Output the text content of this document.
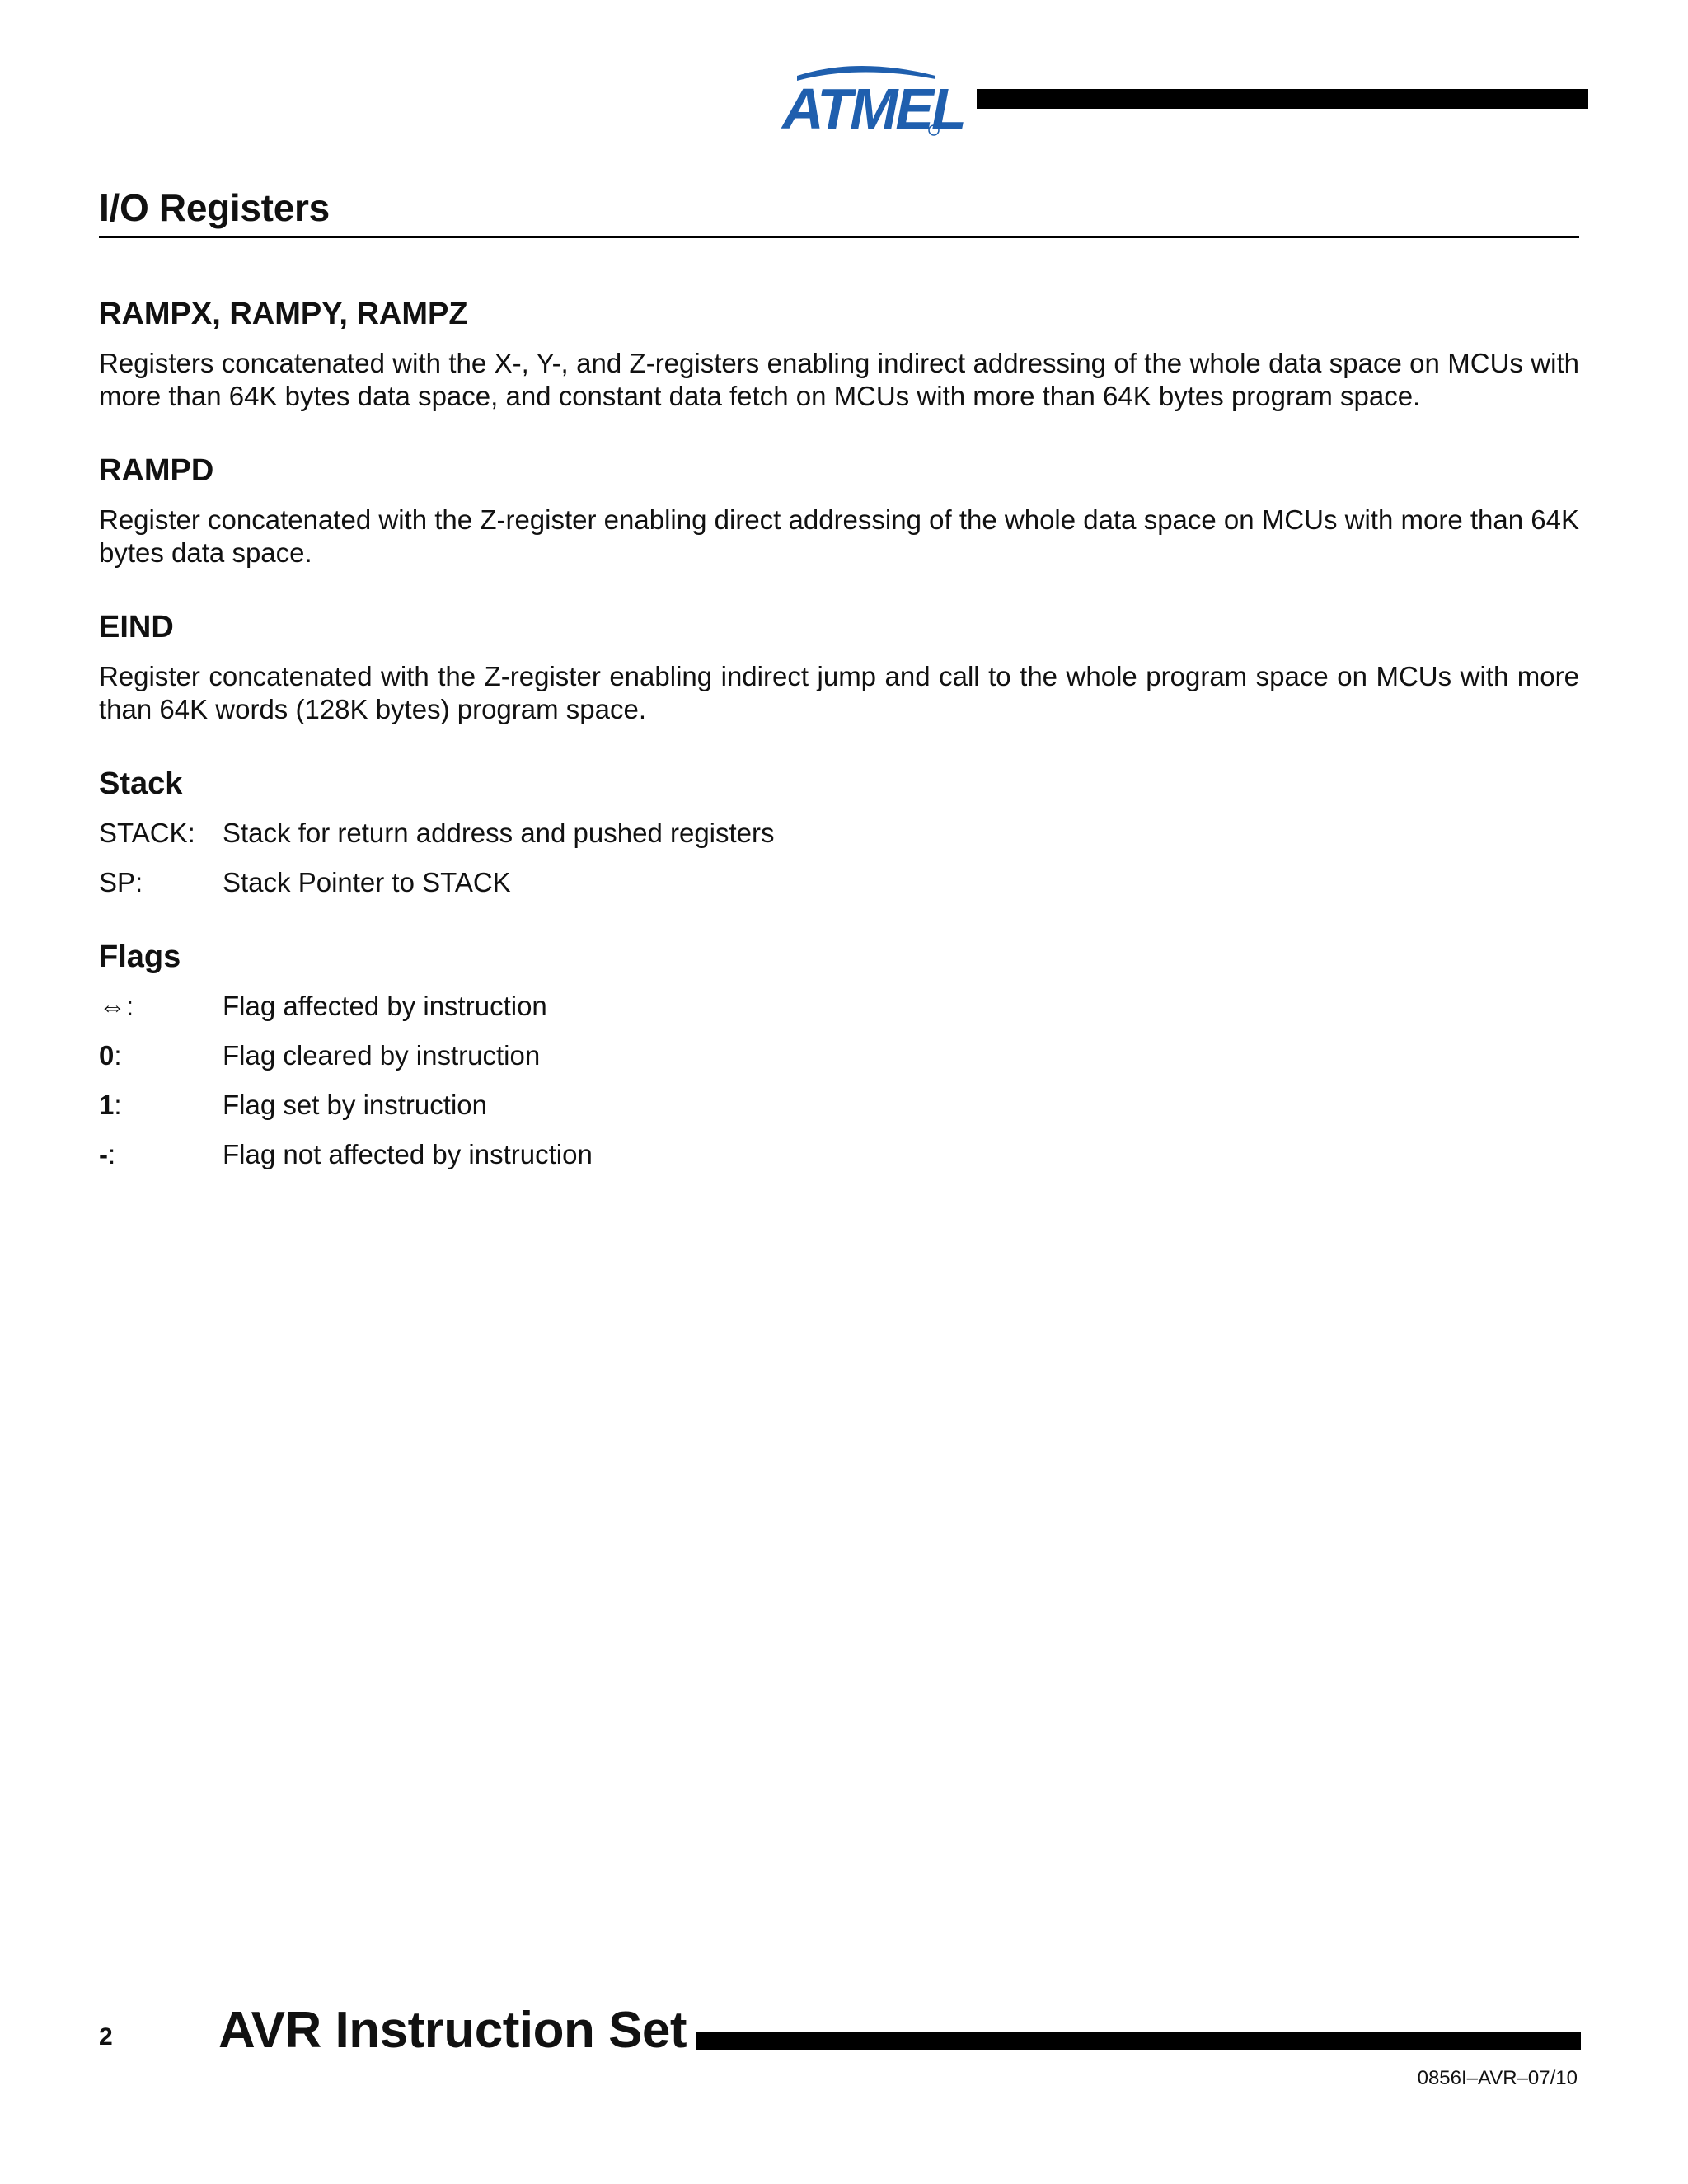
ATMEL
I/O Registers
RAMPX, RAMPY, RAMPZ

Registers concatenated with the X-, Y-, and Z-registers enabling indirect addressing of the whole data space on MCUs with more than 64K bytes data space, and constant data fetch on MCUs with more than 64K bytes program space.

RAMPD

Register concatenated with the Z-register enabling direct addressing of the whole data space on MCUs with more than 64K bytes data space.

EIND

Register concatenated with the Z-register enabling indirect jump and call to the whole program space on MCUs with more than 64K words (128K bytes) program space.

Stack
STACK:	Stack for return address and pushed registers
SP:	Stack Pointer to STACK
Flags
⇔:	Flag affected by instruction
0:	Flag cleared by instruction
1:	Flag set by instruction
-:	Flag not affected by instruction
2 AVR Instruction Set
0856I–AVR–07/10
